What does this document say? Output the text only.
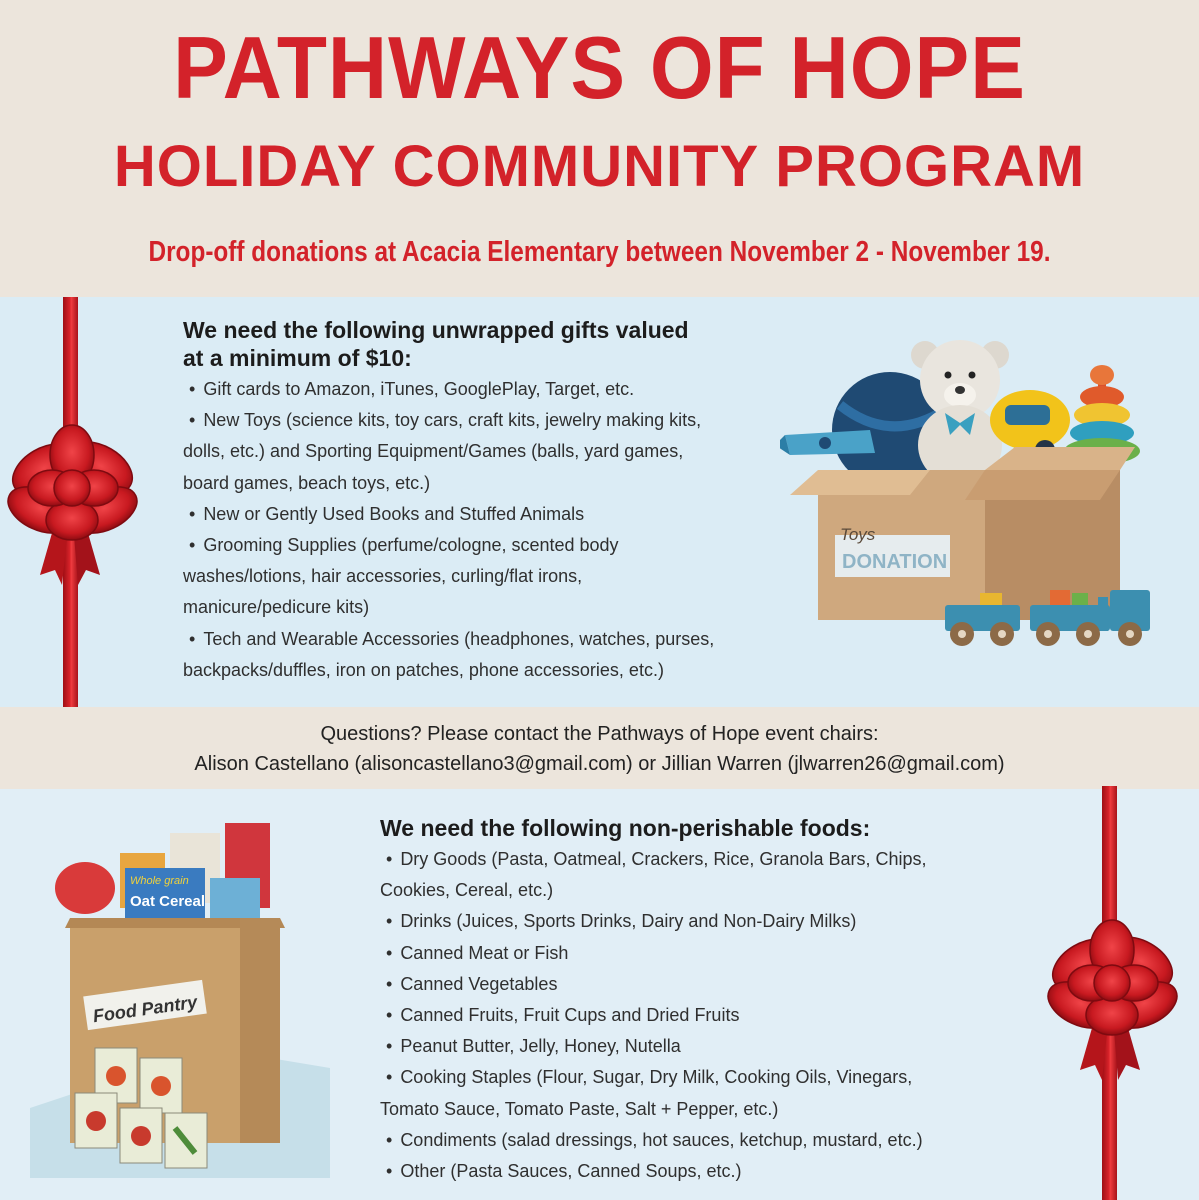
PATHWAYS OF HOPE
HOLIDAY COMMUNITY PROGRAM
Drop-off donations at Acacia Elementary between November 2 - November 19.
We need the following unwrapped gifts valued
at a minimum of $10:
• Gift cards to Amazon, iTunes, GooglePlay, Target, etc.
• New Toys (science kits, toy cars, craft kits, jewelry making kits,
dolls, etc.) and Sporting Equipment/Games (balls, yard games,
board games, beach toys, etc.)
• New or Gently Used Books and Stuffed Animals
• Grooming Supplies (perfume/cologne, scented body
washes/lotions, hair accessories, curling/flat irons,
manicure/pedicure kits)
• Tech and Wearable Accessories (headphones, watches, purses,
backpacks/duffles, iron on patches, phone accessories, etc.)
Toys
DONATION

Questions? Please contact the Pathways of Hope event chairs:

Alison Castellano (alisoncastellano3@gmail.com) or Jillian Warren (jlwarren26@gmail.com)

Whole grain
Oat Cereal
Food Pantry
We need the following non-perishable foods:
• Dry Goods (Pasta, Oatmeal, Crackers, Rice, Granola Bars, Chips,
Cookies, Cereal, etc.)
• Drinks (Juices, Sports Drinks, Dairy and Non-Dairy Milks)
• Canned Meat or Fish
• Canned Vegetables
• Canned Fruits, Fruit Cups and Dried Fruits
• Peanut Butter, Jelly, Honey, Nutella
• Cooking Staples (Flour, Sugar, Dry Milk, Cooking Oils, Vinegars,
Tomato Sauce, Tomato Paste, Salt + Pepper, etc.)
• Condiments (salad dressings, hot sauces, ketchup, mustard, etc.)
• Other (Pasta Sauces, Canned Soups, etc.)
